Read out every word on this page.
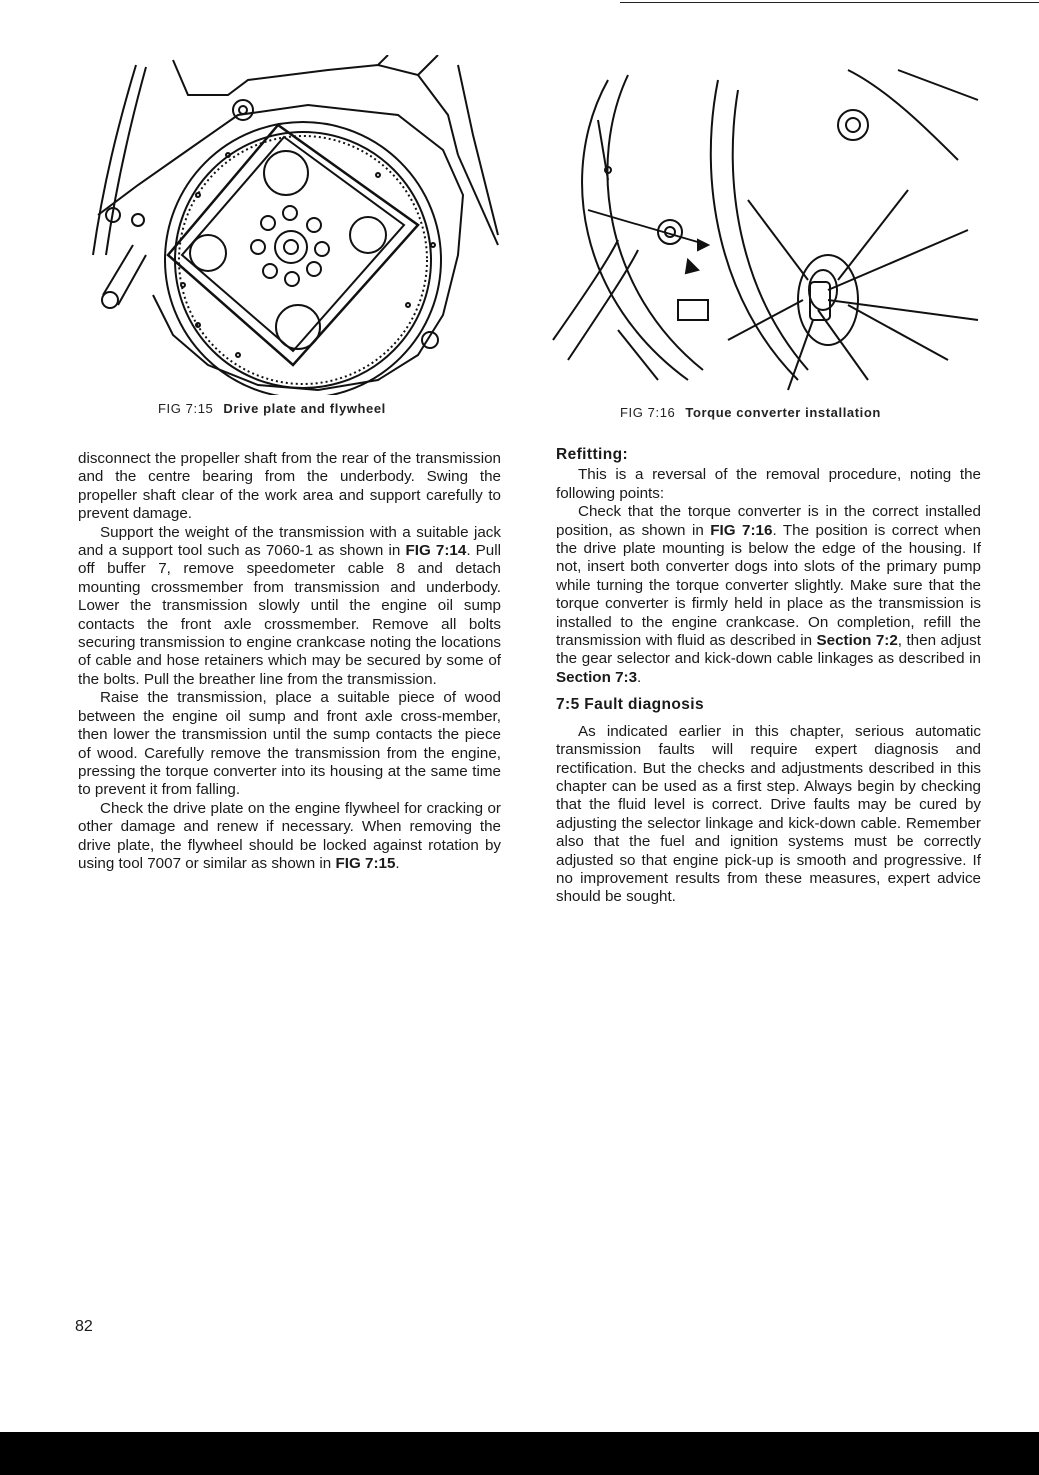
FIG 7:15 Drive plate and flywheel	FIG 7:16 Torque converter installation

disconnect the propeller shaft from the rear of the transmission and the centre bearing from the underbody. Swing the propeller shaft clear of the work area and support carefully to prevent damage.

Support the weight of the transmission with a suitable jack and a support tool such as 7060-1 as shown in FIG 7:14. Pull off buffer 7, remove speedometer cable 8 and detach mounting crossmember from transmission and underbody. Lower the transmission slowly until the engine oil sump contacts the front axle crossmember. Remove all bolts securing transmission to engine crankcase noting the locations of cable and hose retainers which may be secured by some of the bolts. Pull the breather line from the transmission.

Raise the transmission, place a suitable piece of wood between the engine oil sump and front axle cross-member, then lower the transmission until the sump contacts the piece of wood. Carefully remove the transmission from the engine, pressing the torque converter into its housing at the same time to prevent it from falling.

Check the drive plate on the engine flywheel for cracking or other damage and renew if necessary. When removing the drive plate, the flywheel should be locked against rotation by using tool 7007 or similar as shown in FIG 7:15.

Refitting:

This is a reversal of the removal procedure, noting the following points:

Check that the torque converter is in the correct installed position, as shown in FIG 7:16. The position is correct when the drive plate mounting is below the edge of the housing. If not, insert both converter dogs into slots of the primary pump while turning the torque converter slightly. Make sure that the torque converter is firmly held in place as the transmission is installed to the engine crankcase. On completion, refill the transmission with fluid as described in Section 7:2, then adjust the gear selector and kick-down cable linkages as described in Section 7:3.

7:5 Fault diagnosis

As indicated earlier in this chapter, serious automatic transmission faults will require expert diagnosis and rectification. But the checks and adjustments described in this chapter can be used as a first step. Always begin by checking that the fluid level is correct. Drive faults may be cured by adjusting the selector linkage and kick-down cable. Remember also that the fuel and ignition systems must be correctly adjusted so that engine pick-up is smooth and progressive. If no improvement results from these measures, expert advice should be sought.

82
